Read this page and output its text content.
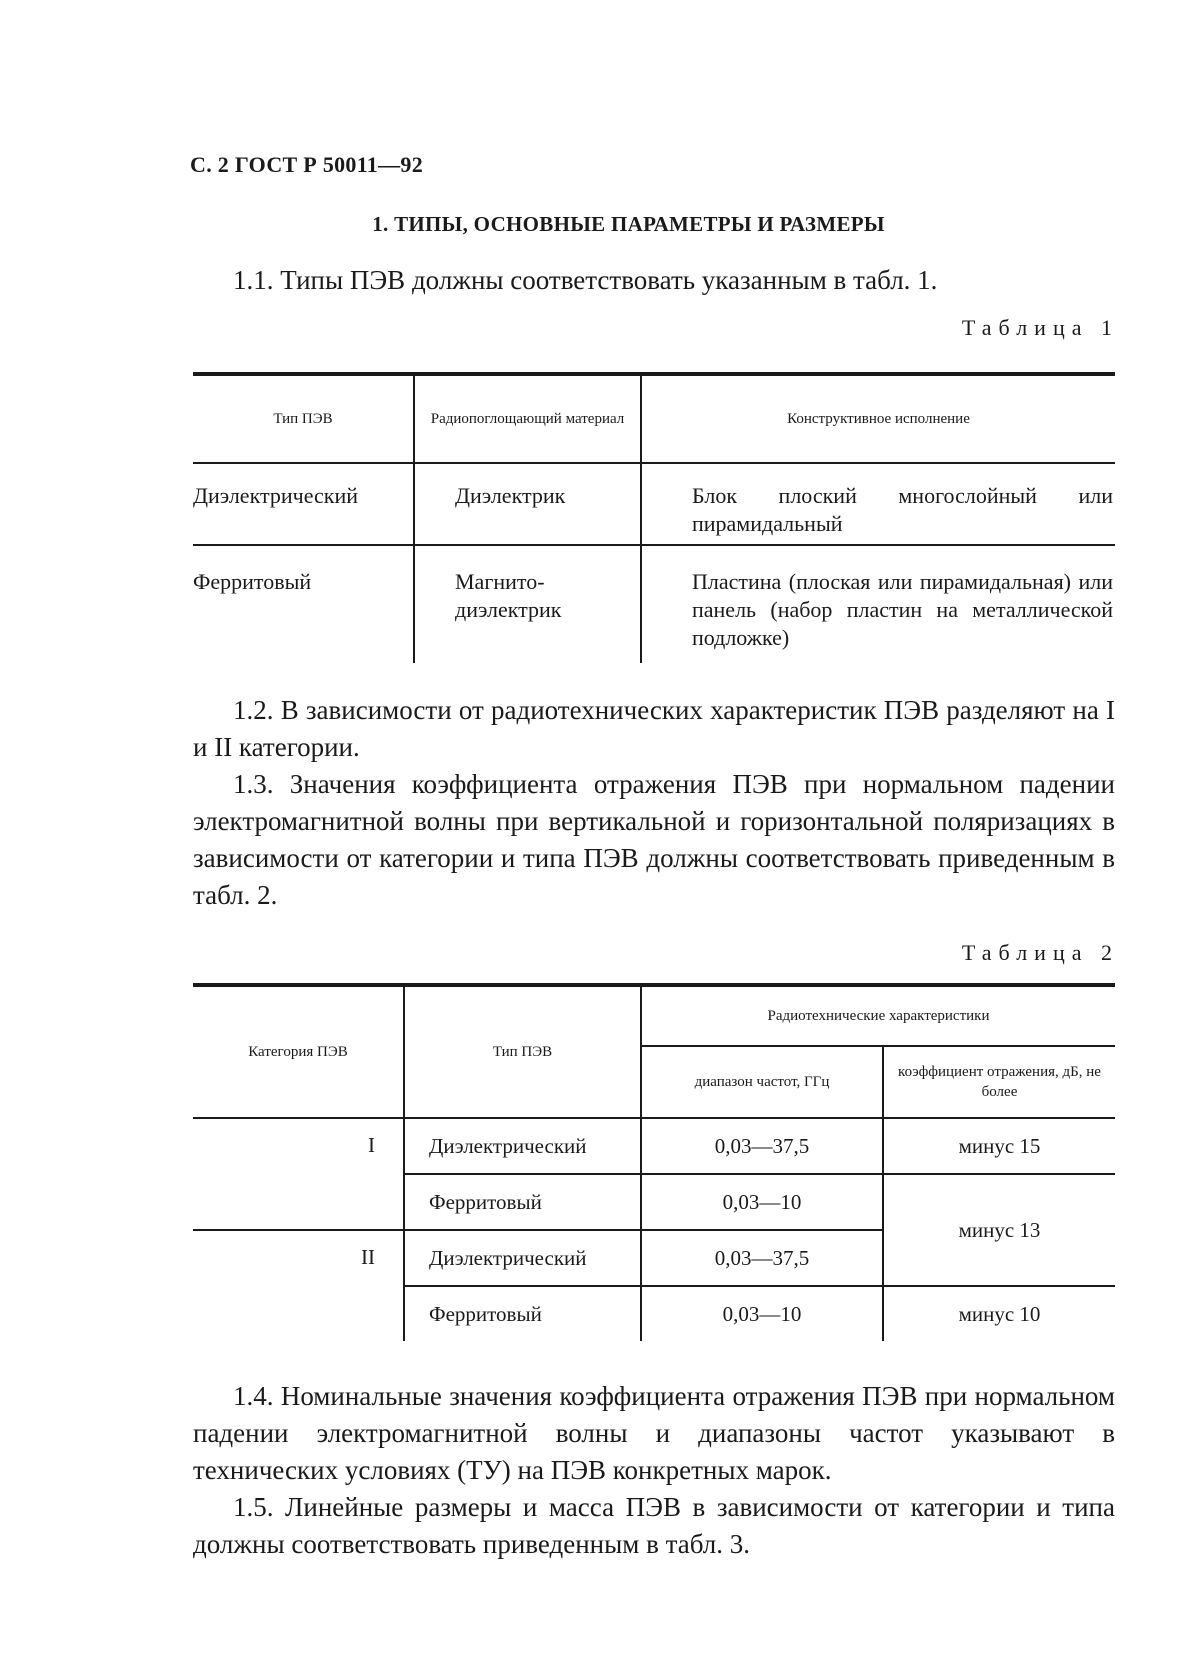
С. 2 ГОСТ Р 50011—92
1. ТИПЫ, ОСНОВНЫЕ ПАРАМЕТРЫ И РАЗМЕРЫ
1.1. Типы ПЭВ должны соответствовать указанным в табл. 1.
Таблица 1
Тип ПЭВ	Радиопоглощающий материал	Конструктивное исполнение
Диэлектрический	Диэлектрик	Блок плоский многослойный или пирамидальный
Ферритовый	Магнито-диэлектрик	Пластина (плоская или пирамидальная) или панель (набор пластин на металлической подложке)
1.2. В зависимости от радиотехнических характеристик ПЭВ разделяют на I и II категории.
1.3. Значения коэффициента отражения ПЭВ при нормальном падении электромагнитной волны при вертикальной и горизонтальной поляризациях в зависимости от категории и типа ПЭВ должны соответствовать приведенным в табл. 2.
Таблица 2
Категория ПЭВ	Тип ПЭВ	Радиотехнические характеристики	
		диапазон частот, ГГц	коэффициент отражения, дБ, не более
I	Диэлектрический	0,03—37,5	минус 15
	Ферритовый	0,03—10	минус 13
II	Диэлектрический	0,03—37,5	
	Ферритовый	0,03—10	минус 10
1.4. Номинальные значения коэффициента отражения ПЭВ при нормальном падении электромагнитной волны и диапазоны частот указывают в технических условиях (ТУ) на ПЭВ конкретных марок.
1.5. Линейные размеры и масса ПЭВ в зависимости от категории и типа должны соответствовать приведенным в табл. 3.
